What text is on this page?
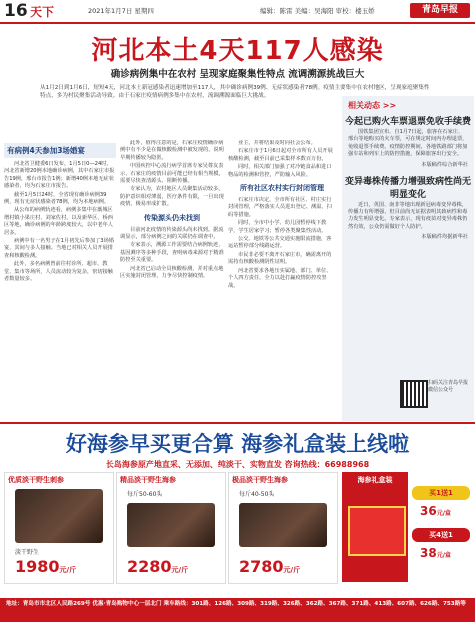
16 天下	2021年1月7日 星期四	编辑：陈雷 美编：吴海阳 审校：楼玉娇	青岛早报
河北本土4天117人感染
确诊病例集中在农村 呈现家庭聚集性特点 流调溯源挑战巨大
从1月2日到1月6日，短短4天，河北本土新冠感染者迅速增加至117人，其中确诊病例39例、无症状感染者78例。疫情主要集中在农村地区，呈现家庭聚集性特点，多为村民聚集活动导致。由于石家庄疫情病例多集中在农村，流调溯源面临巨大挑战。
有病例4天参加3场婚宴

河北省卫健委6日发布，1月5日0—24时，河北省新增20例本地确诊病例，其中石家庄市报告19例，邢台市报告1例；新增40例本地无症状感染者，均为石家庄市报告。

截至1月5日24时，全省现有确诊病例39例，现有无症状感染者78例，均为本地病例。

从公布的病例轨迹看，病例多集中在藁城区增村镇小果庄村、刘家佐村，以及新华区、桥西区等地，确诊病例的年龄跨度较大，以中老年人居多。

病例中有一名男子在1月初先后参加了3场婚宴，其间与多人接触。当地已对相关人员开展排查和核酸检测。

此外，多名病例曾前往村诊所、超市、教堂、集市等场所，人员流动较为复杂，密切接触者数量较多。

此外，值得注意的是，石家庄疫情确诊病例中有不少是在做核酸检测中被发现的，说明早期传播较为隐匿。

中国疾控中心流行病学首席专家吴尊友表示，石家庄的疫情目前可能已经有相当规模，需要尽快查清源头、阻断传播。

专家认为，农村地区人员聚集活动较多，防护意识相对薄弱，医疗条件有限，一旦出现疫情，极易形成扩散。

传染源头仍未找到

目前河北疫情的传染源头尚未找到。据流调显示，部分病例之间的关联仍在调查中。

专家表示，溯源工作需要结合病例轨迹、基因测序等多种手段，查明病毒来源对于精准防控至关重要。

河北省已启动全员核酸检测，并对重点地区实施封闭管理，力争尽快控制疫情。

业主，并将结果及时向社会公布。

石家庄市于1月6日起对全市所有人员开展核酸检测，截至目前已采集样本数百万份。

同时，相关部门加强了对冷链食品和进口物品的检测和管控，严防输入风险。

所有社区农村实行封闭管理

石家庄市决定，全市所有社区、村庄实行封闭管理，严格落实人员进出登记、测温、扫码等措施。

同时，全市中小学、幼儿园暂停线下教学，学生居家学习；暂停各类聚集性活动。

公交、地铁等公共交通实施限流措施，客运站暂停部分线路运营。

市民非必要不离开石家庄市，确需离开的需持有核酸检测阴性证明。

河北省要求各地压实属地、部门、单位、个人四方责任，全力以赴打赢疫情防控攻坚战。

相关动态 >>
今起已购火车票退票免收手续费

国铁集团宣布，自1月7日起，旅客在石家庄、邢台等地购买的火车票，可在规定时间内办理退票，免收退票手续费。疫情防控期间，各地铁路部门将加强车站和列车上的防控措施，保障旅客出行安全。

本版稿件综合新华社
变异毒株传播力增强致病性尚无明显变化

近日，英国、南非等地出现新冠病毒变异毒株，传播力有所增强，但目前尚无证据表明其致病性和毒力发生明显变化。专家表示，现有疫苗对变异毒株仍然有效，公众仍需做好个人防护。

本版稿件均据新华社
扫码关注青岛早报微信公众号
好海参早买更合算 海参礼盒装上线啦
长岛海参原产地直采、无添加、纯淡干、实物直发 咨询热线：66988968
优质淡干野生刺参
淡干野生
1980元/斤
精品淡干野生海参
每斤50-60头
2280元/斤
极品淡干野生海参
每斤40-50头
2780元/斤
海参礼盒装
买1送1
36元/盒
买4送1
38元/盒
地址：青岛市市北区人民路269号 优惠·青岛购物中心一层北门 乘车路线：301路、126路、309路、319路、326路、362路、367路、371路、413路、607路、626路、753路等
